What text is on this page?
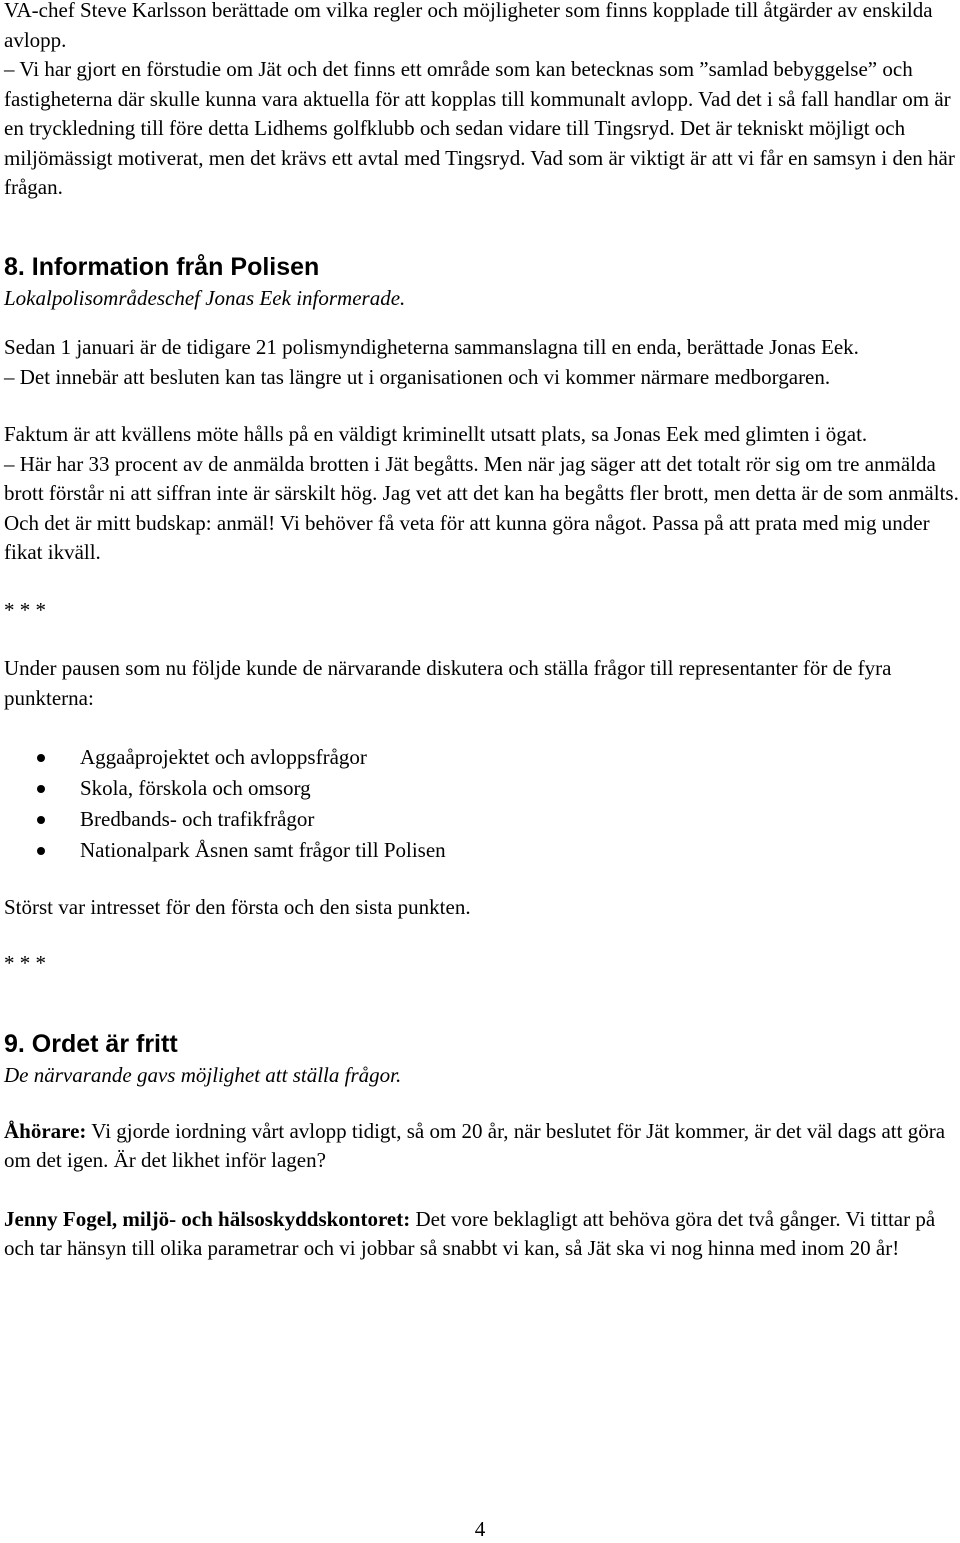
VA-chef Steve Karlsson berättade om vilka regler och möjligheter som finns kopplade till åtgärder av enskilda avlopp.
– Vi har gjort en förstudie om Jät och det finns ett område som kan betecknas som ”samlad bebyggelse” och fastigheterna där skulle kunna vara aktuella för att kopplas till kommunalt avlopp. Vad det i så fall handlar om är en tryckledning till före detta Lidhems golfklubb och sedan vidare till Tingsryd. Det är tekniskt möjligt och miljömässigt motiverat, men det krävs ett avtal med Tingsryd. Vad som är viktigt är att vi får en samsyn i den här frågan.

8. Information från Polisen

Lokalpolisområdeschef Jonas Eek informerade.

Sedan 1 januari är de tidigare 21 polismyndigheterna sammanslagna till en enda, berättade Jonas Eek.
– Det innebär att besluten kan tas längre ut i organisationen och vi kommer närmare medborgaren.

Faktum är att kvällens möte hålls på en väldigt kriminellt utsatt plats, sa Jonas Eek med glimten i ögat.
– Här har 33 procent av de anmälda brotten i Jät begåtts. Men när jag säger att det totalt rör sig om tre anmälda brott förstår ni att siffran inte är särskilt hög. Jag vet att det kan ha begåtts fler brott, men detta är de som anmälts. Och det är mitt budskap: anmäl! Vi behöver få veta för att kunna göra något. Passa på att prata med mig under fikat ikväll.

* * *

Under pausen som nu följde kunde de närvarande diskutera och ställa frågor till representanter för de fyra punkterna:

Aggaåprojektet och avloppsfrågor
Skola, förskola och omsorg
Bredbands- och trafikfrågor
Nationalpark Åsnen samt frågor till Polisen

Störst var intresset för den första och den sista punkten.

* * *

9. Ordet är fritt

De närvarande gavs möjlighet att ställa frågor.

Åhörare: Vi gjorde iordning vårt avlopp tidigt, så om 20 år, när beslutet för Jät kommer, är det väl dags att göra om det igen. Är det likhet inför lagen?

Jenny Fogel, miljö- och hälsoskyddskontoret: Det vore beklagligt att behöva göra det två gånger. Vi tittar på och tar hänsyn till olika parametrar och vi jobbar så snabbt vi kan, så Jät ska vi nog hinna med inom 20 år!

4
